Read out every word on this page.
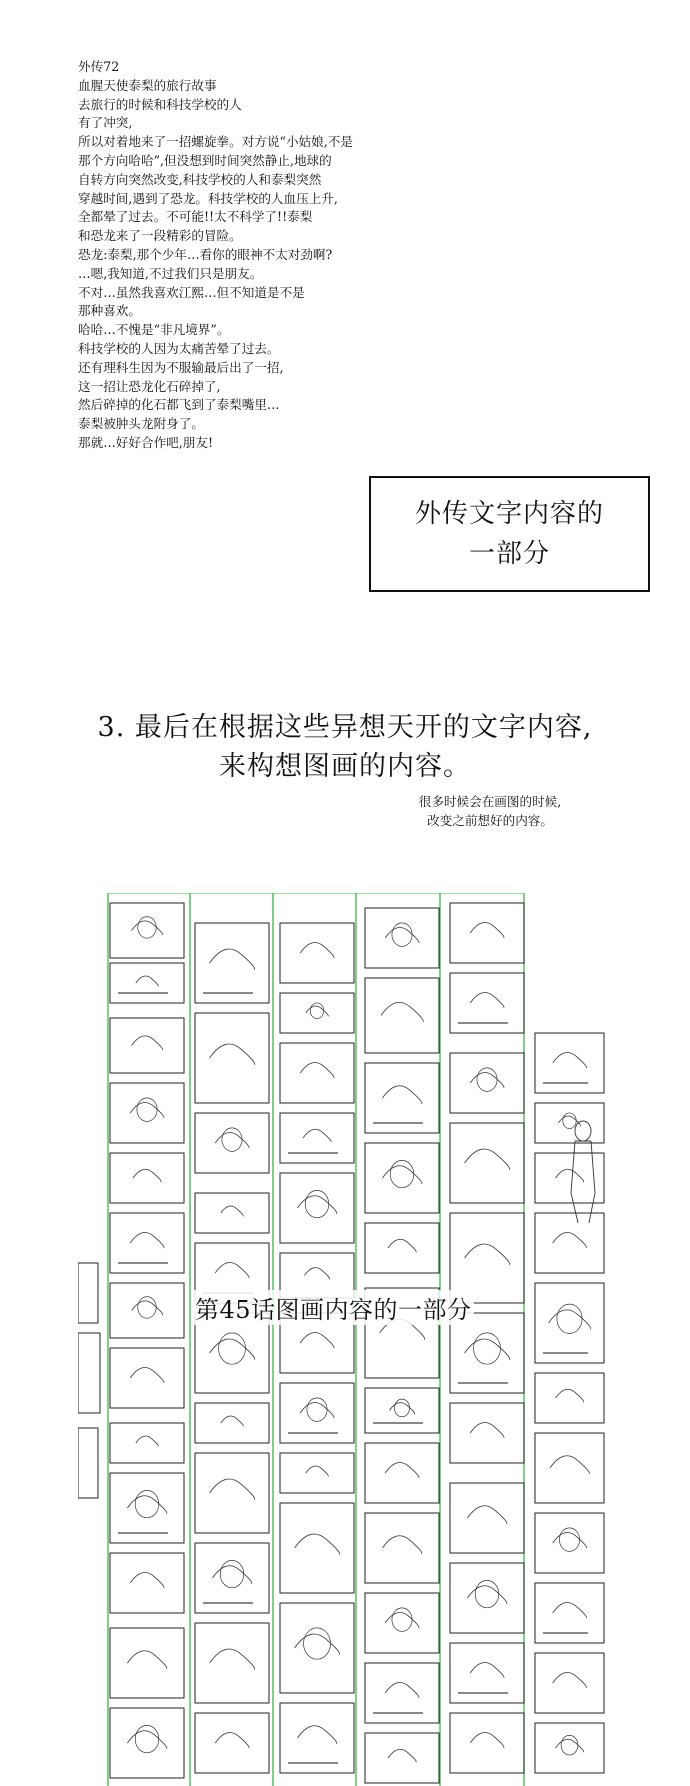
外传72
血腥天使泰梨的旅行故事
去旅行的时候和科技学校的人
有了冲突,
所以对着地来了一招螺旋拳。对方说“小姑娘,不是
那个方向哈哈”,但没想到时间突然静止,地球的
自转方向突然改变,科技学校的人和泰梨突然
穿越时间,遇到了恐龙。科技学校的人血压上升,
全都晕了过去。不可能!!太不科学了!!泰梨
和恐龙来了一段精彩的冒险。
恐龙:泰梨,那个少年…看你的眼神不太对劲啊?
…嗯,我知道,不过我们只是朋友。
不对…虽然我喜欢江熙…但不知道是不是
那种喜欢。
哈哈…不愧是“非凡境界”。
科技学校的人因为太痛苦晕了过去。
还有理科生因为不服输最后出了一招,
这一招让恐龙化石碎掉了,
然后碎掉的化石都飞到了泰梨嘴里…
泰梨被肿头龙附身了。
那就…好好合作吧,朋友!
外传文字内容的
一部分
3. 最后在根据这些异想天开的文字内容,
来构想图画的内容。
很多时候会在画图的时候,
改变之前想好的内容。
第45话图画内容的一部分
